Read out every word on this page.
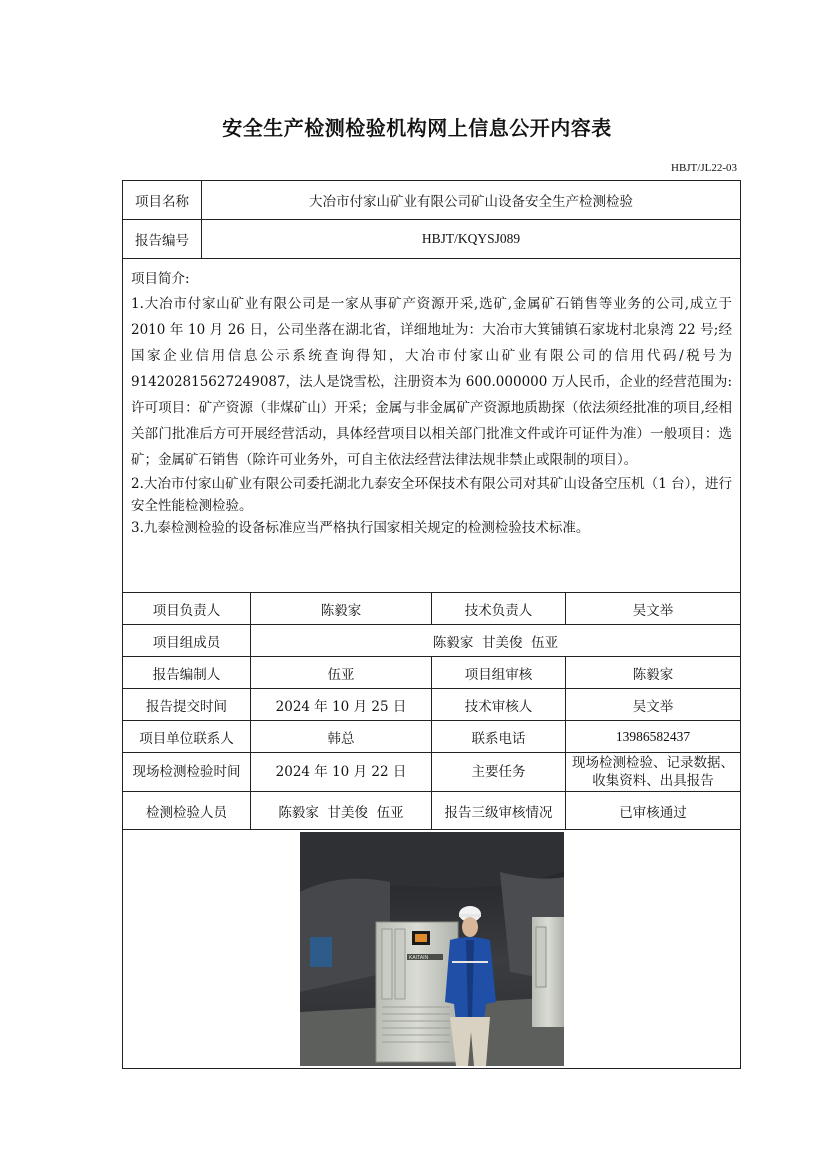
安全生产检测检验机构网上信息公开内容表
HBJT/JL22-03
项目名称	大冶市付家山矿业有限公司矿山设备安全生产检测检验			
报告编号	HBJT/KQYSJ089			

项目简介:

1.大冶市付家山矿业有限公司是一家从事矿产资源开采,选矿,金属矿石销售等业务的公司,成立于 2010 年 10 月 26 日，公司坐落在湖北省，详细地址为：大冶市大箕铺镇石家垅村北泉湾 22 号;经国家企业信用信息公示系统查询得知，大冶市付家山矿业有限公司的信用代码/税号为 914202815627249087，法人是饶雪松，注册资本为 600.000000 万人民币，企业的经营范围为: 许可项目：矿产资源（非煤矿山）开采；金属与非金属矿产资源地质勘探（依法须经批准的项目,经相关部门批准后方可开展经营活动，具体经营项目以相关部门批准文件或许可证件为准）一般项目：选矿；金属矿石销售（除许可业务外，可自主依法经营法律法规非禁止或限制的项目）。

2.大冶市付家山矿业有限公司委托湖北九泰安全环保技术有限公司对其矿山设备空压机（1 台），进行安全性能检测检验。

3.九泰检测检验的设备标准应当严格执行国家相关规定的检测检验技术标准。				

项目负责人		陈毅家	技术负责人	吴文举
项目组成员		陈毅家  甘美俊  伍亚		
报告编制人		伍亚	项目组审核	陈毅家
报告提交时间		2024 年 10 月 25 日	技术审核人	吴文举
项目单位联系人		韩总	联系电话	13986582437
现场检测检验时间		2024 年 10 月 22 日	主要任务	现场检测检验、记录数据、收集资料、出具报告
检测检验人员		陈毅家  甘美俊  伍亚	报告三级审核情况	已审核通过

KAITAIN				
